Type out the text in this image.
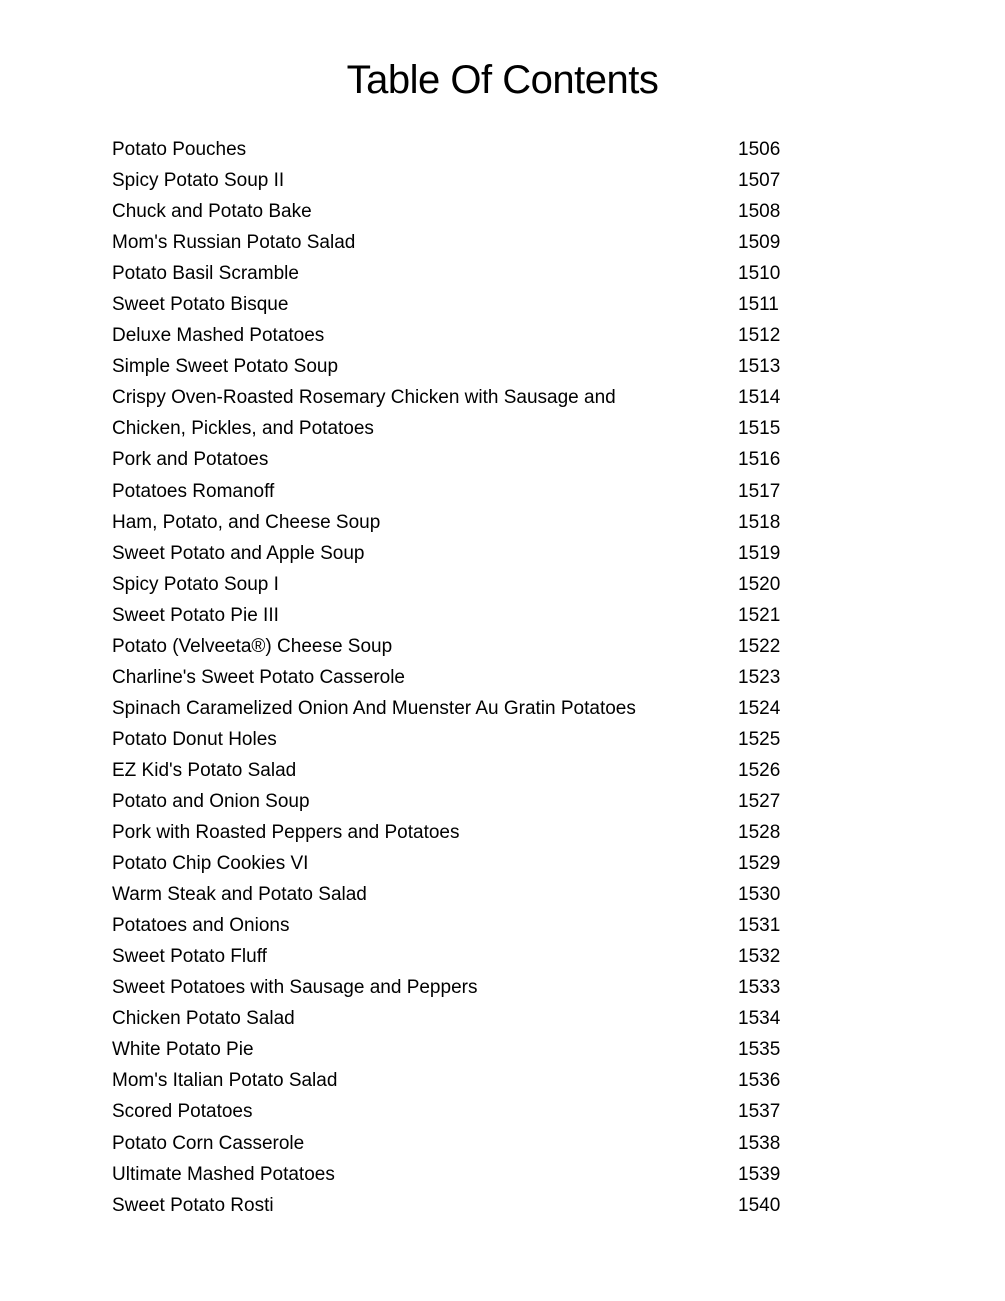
Table Of Contents
Potato Pouches	1506
Spicy Potato Soup II	1507
Chuck and Potato Bake	1508
Mom's Russian Potato Salad	1509
Potato Basil Scramble	1510
Sweet Potato Bisque	1511
Deluxe Mashed Potatoes	1512
Simple Sweet Potato Soup	1513
Crispy Oven-Roasted Rosemary Chicken with Sausage and	1514
Chicken, Pickles, and Potatoes	1515
Pork and Potatoes	1516
Potatoes Romanoff	1517
Ham, Potato, and Cheese Soup	1518
Sweet Potato and Apple Soup	1519
Spicy Potato Soup I	1520
Sweet Potato Pie III	1521
Potato (Velveeta®) Cheese Soup	1522
Charline's Sweet Potato Casserole	1523
Spinach Caramelized Onion And Muenster Au Gratin Potatoes	1524
Potato Donut Holes	1525
EZ Kid's Potato Salad	1526
Potato and Onion Soup	1527
Pork with Roasted Peppers and Potatoes	1528
Potato Chip Cookies VI	1529
Warm Steak and Potato Salad	1530
Potatoes and Onions	1531
Sweet Potato Fluff	1532
Sweet Potatoes with Sausage and Peppers	1533
Chicken Potato Salad	1534
White Potato Pie	1535
Mom's Italian Potato Salad	1536
Scored Potatoes	1537
Potato Corn Casserole	1538
Ultimate Mashed Potatoes	1539
Sweet Potato Rosti	1540
